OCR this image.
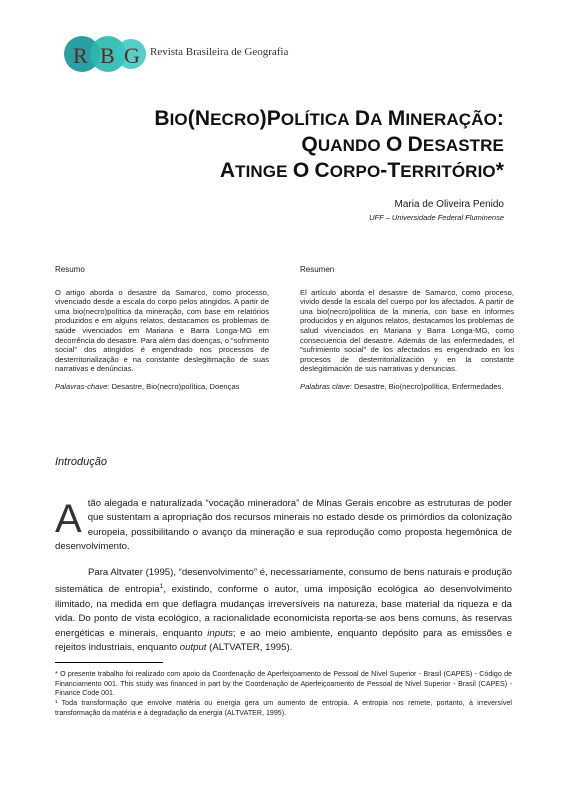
R B G Revista Brasileira de Geografia
BIO(NECRO)POLÍTICA DA MINERAÇÃO:
QUANDO O DESASTRE
ATINGE O CORPO-TERRITÓRIO*
Maria de Oliveira Penido
UFF – Universidade Federal Fluminense
Resumo

O artigo aborda o desastre da Samarco, como processo, vivenciado desde a escala do corpo pelos atingidos. A partir de uma bio(necro)política da mineração, com base em relatórios produzidos e em alguns relatos, destacamos os problemas de saúde vivenciados em Mariana e Barra Longa-MG em decorrência do desastre. Para além das doenças, o “sofrimento social” dos atingidos é engendrado nos processos de desterritorialização e na constante deslegitimação de suas narrativas e denúncias.

Palavras-chave: Desastre, Bio(necro)política, Doenças

Resumen

El artículo aborda el desastre de Samarco, como proceso, vivido desde la escala del cuerpo por los afectados. A partir de una bio(necro)política de la minería, con base en informes producidos y en algunos relatos, destacamos los problemas de salud vivenciados en Mariana y Barra Longa-MG, como consecuencia del desastre. Además de las enfermedades, el "sufrimiento social" de los afectados es engendrado en los procesos de desterritorialización y en la constante deslegitimación de sus narrativas y denuncias.

Palabras clave: Desastre, Bio(necro)política, Enfermedades.

Introdução
A tão alegada e naturalizada “vocação mineradora” de Minas Gerais encobre as estruturas de poder que sustentam a apropriação dos recursos minerais no estado desde os primórdios da colonização europeia, possibilitando o avanço da mineração e sua reprodução como proposta hegemônica de desenvolvimento.

Para Altvater (1995), “desenvolvimento” é, necessariamente, consumo de bens naturais e produção sistemática de entropia$^1$, existindo, conforme o autor, uma imposição ecológica ao desenvolvimento ilimitado, na medida em que deflagra mudanças irreversíveis na natureza, base material da riqueza e da vida. Do ponto de vista ecológico, a racionalidade economicista reporta-se aos bens comuns, às reservas energéticas e minerais, enquanto inputs; e ao meio ambiente, enquanto depósito para as emissões e rejeitos industriais, enquanto output (ALTVATER, 1995).

* O presente trabalho foi realizado com apoio da Coordenação de Aperfeiçoamento de Pessoal de Nível Superior - Brasil (CAPES) - Código de Financiamento 001. This study was financed in part by the Coordenação de Aperfeiçoamento de Pessoal de Nível Superior - Brasil (CAPES) - Finance Code 001.

¹ Toda transformação que envolve matéria ou energia gera um aumento de entropia. A entropia nos remete, portanto, à irreversível transformação da matéria e à degradação da energia (ALTVATER, 1995).
